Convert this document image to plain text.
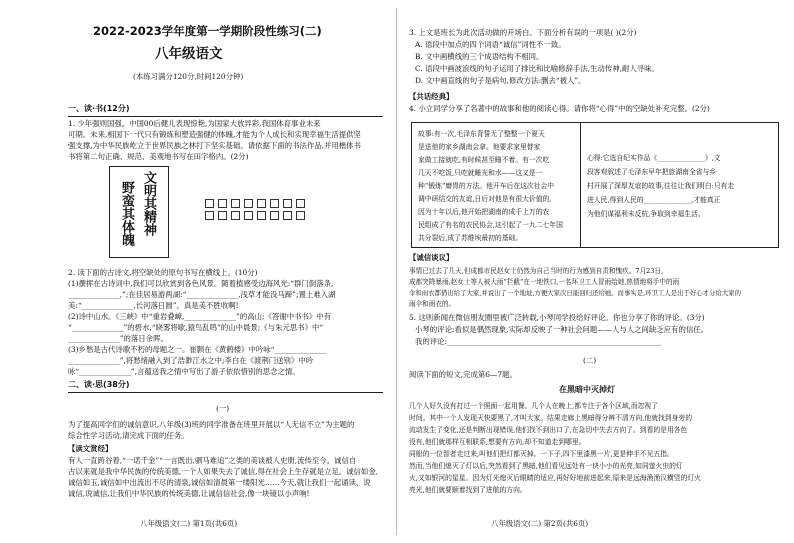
2022-2023学年度第一学期阶段性练习(二)
八年级语文
(本练习满分120分,时间120分钟)
一、读·书(12分)
1. 少年强则国强。中国00后健儿表现惊艳,为国家大放异彩,我国体育事业未来
可期。未来,相国下一代只有锻炼和塑造强健的体魄,才能为个人成长和实现幸福生活提供坚
强支撑,为中华民族屹立于世界民族之林打下坚实基础。请依据下面的书法作品,并用楷体书
书将第二句正确、规范、美观地书写在田字格内。(2分)
文明其精神
野蛮其体魄
2. 读下面的古诗文,将空缺处的原句书写在横线上。(10分)
(1)撰挥在古诗词中,我们可以欣赏到各色风景。随着植感受边海风光:“群门倒落条,
______________,”;在佳居易游两湖:“______________,浅草才能没马蹄”;置上难入湖
美:“______________,长河落日圆”。真是美不胜收啊!
(2)诗中山水。《三峡》中“重岩叠嶂,______________”的高山;《答谢中书书》中有
“______________”的碧水,“晓雾将歇,猿鸟乱鸣”的山中晨景;《与朱元思书》中“
______________”的落日余晖。
(3)乡愁是古代诗歌不朽的母题之一。崔颢在《黄鹤楼》中吟咏“______________
______________”,将愁绪融入到了浩渺江水之中;李白在《渡荆门送别》中吟
咏“______________”,言蕴送我之情中写出了游子依依惜别的思念之情。
二、读·思(38分)
(一)
为了提高同学们的诚信意识,八年级(3)班的同学准备在班里开展以“人无信不立”为主题的
综合性学习活动,请完成下面的任务。
【读文赏经】
有人一直跨谷着,“一诺千金”“一言既出,驷马难追”之类的美谈被人史册,流传至今。诚信自
古以来就是我中华民族的传统美德,一个人如果失去了诚信,得在社会上生存就是立足。诚信如金,
诚信如玉,诚信如中出流出不尽的清泉,诚信如清晨第一缕阳光……今天,就让我们一起诵读、说
诚信,说诚信,让我们中华民族的传统美德,让诚信信社会,像一块镜以小声响!
八年级语文(二) 第1页(共6页)
3. 上文是班长为此次活动做的开场白。下面分析有误的一项是( )(2分)
A. 语段中加点的四个词语“诚信”词性不一致。
B. 文中画横线的三个成语结构不相同。
C. 语段中画波浪线的句子运用了排比和比喻修辞手法,生动传神,耐人寻味。
D. 文中画直线的句子是病句,修改方法:删去“被人”。
【共话经典】
4. 小立同学分享了名著中的故事和他的阅读心得。请你将“心得”中的空缺处补充完整。(2分)
故事:有一次,毛泽东背誓无了整整一个夏天
是送他的家乡湖南会拿。他要求家里替家
家做工接就吃,有时候甚至睡不着。有一次吃
几天不吃饭,只吃就睡光和水——这又是一
种“锻炼”磨胃的方法。他开车后在这次社会中
调中研结交的友谊,日后对他是有很大价值的,
因为十年以后,他开始把湖南的成千上万的农
民组成了有名的农民协会,这引起了一九二七年国
共分裂后,成了苏维埃最初的基础。
心得:它选自纪实作品《______________》,文
段客观叙述了毛泽东早年把旅湖南全省与乡
村开展了深厚友谊的故事,往往让我们明白:只有走
进人民,得到人民的______________,才能真正
为他们谋福利未反杭,争取到幸福生活。
【诚信谈议】
事情已过去了几天,但成都市民赵女士仍然为自己当时的行为感到自责和愧疚。7月23日,
成都突降暴雨,赵女士等人被大雨“拦截”在一地铁口,一名环卫工人冒雨给她,热情地将手中的雨
伞和雨衣都借出给了大家,并说出了一个地址,方便大家次日能回归还给她。而事实是,环卫工人是出于好心才分给大家的
雨伞和雨衣的。
5. 这则新闻在微信朋友圈里被广泛转载,小琴同学投给好评论。你也分享了你的评论。(3分)
小琴的评论:看似是偶然现象,实际却反映了一种社会问题——人与人之间缺乏应有的信任。
我的评论:__________________________________________________________
(二)
阅读下面的短文,完成第6—7题。
在黑暗中灭掉灯
几个人好久没有打过一个照面一起用餐。几个人在晚上,都专注于各个区域,而忽视了
时间。其中一个人发现天快要黑了,才叫大家。结果走廊上黑暗得分辨不清方向,他就找到身旁的
流动发生了变化,还是判断出现错误,他们找不到出口了,在急切中失去方向了。到看的是用各色
没有,他们就那样互相联系,想要有方向,却不知道走到哪里。
同船的一位智者走过来,叫他们把灯都灭掉。一下子,四下里漆黑一片,更是伸手不见五指。
然而,当他们熄灭了灯以后,突然看到了黑暗,他们看见远处有一块小小的光亮,如同萤火虫的灯
火,又如银河的星星。因为灯光熄灭后眼睛的适应,再好好地前进起来,原来是远海渔渔汉横竖的灯火
亮光,他们就要顺着找到了进航的方向。
八年级语文(二) 第2页(共6页)
